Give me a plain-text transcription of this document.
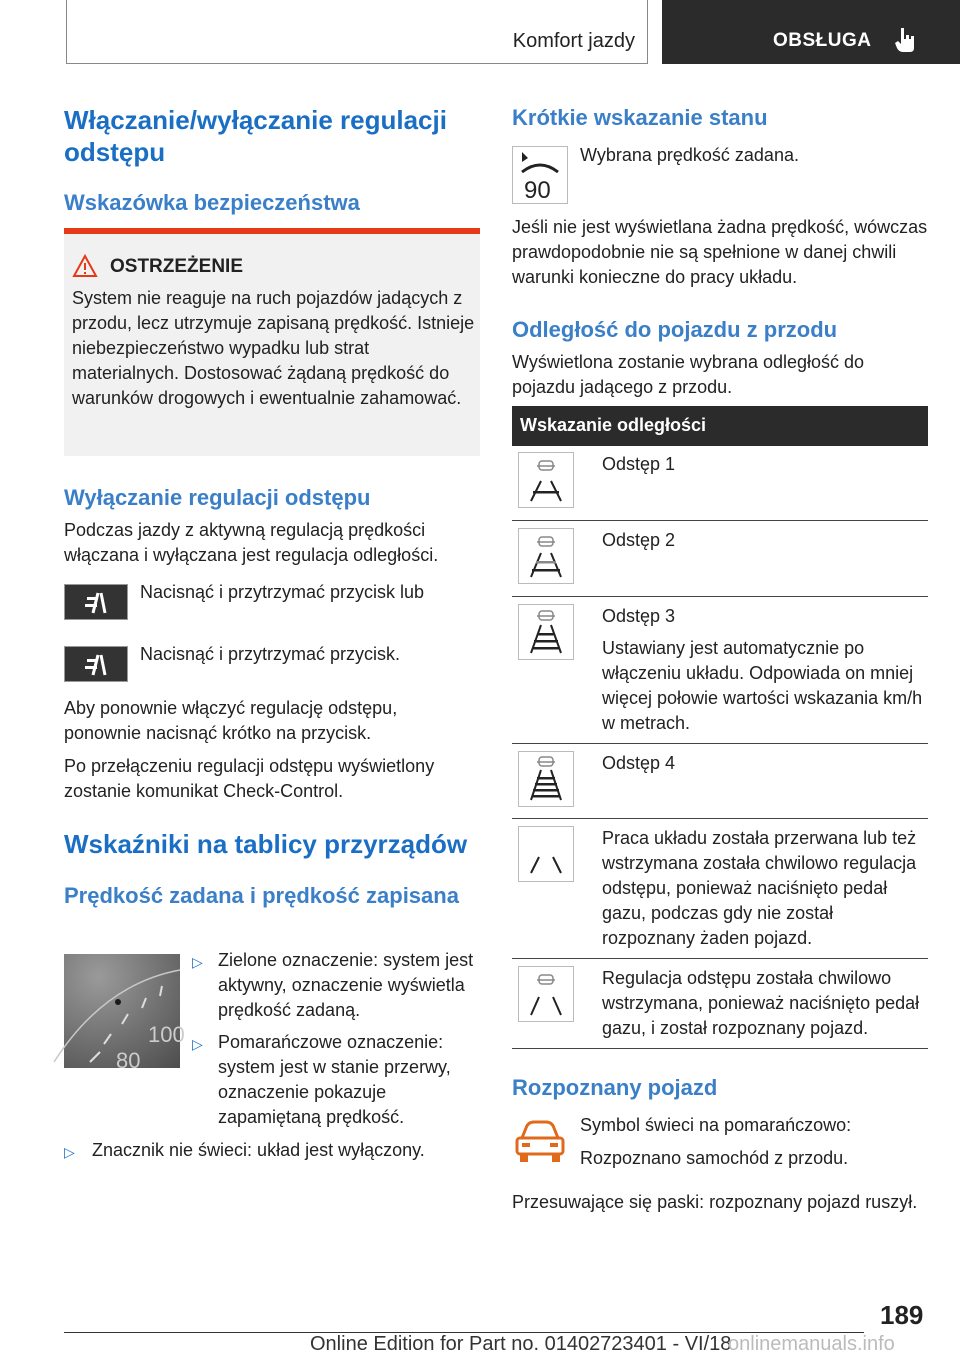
Komfort jazdy	OBSŁUGA
Włączanie/wyłączanie regulacji odstępu
Wskazówka bezpieczeństwa
OSTRZEŻENIE
System nie reaguje na ruch pojazdów jadących z przodu, lecz utrzymuje zapisaną prędkość. Istnieje niebezpieczeństwo wypadku lub strat materialnych. Dostosować żądaną prędkość do warunków drogowych i ewentualnie zahamować.
Wyłączanie regulacji odstępu
Podczas jazdy z aktywną regulacją prędkości włączana i wyłączana jest regulacja odległości.
Nacisnąć i przytrzymać przycisk lub
Nacisnąć i przytrzymać przycisk.
Aby ponownie włączyć regulację odstępu, ponownie nacisnąć krótko na przycisk.
Po przełączeniu regulacji odstępu wyświetlony zostanie komunikat Check-Control.
Wskaźniki na tablicy przyrządów
Prędkość zadana i prędkość zapisana
100
80
▷ Zielone oznaczenie: system jest aktywny, oznaczenie wyświetla prędkość zadaną.
▷ Pomarańczowe oznaczenie: system jest w stanie przerwy, oznaczenie pokazuje zapamiętaną prędkość.
▷ Znacznik nie świeci: układ jest wyłączony.
Krótkie wskazanie stanu
90
Wybrana prędkość zadana.
Jeśli nie jest wyświetlana żadna prędkość, wówczas prawdopodobnie nie są spełnione w danej chwili warunki konieczne do pracy układu.
Odległość do pojazdu z przodu
Wyświetlona zostanie wybrana odległość do pojazdu jadącego z przodu.
Wskazanie odległości
Odstęp 1
Odstęp 2
Odstęp 3
Ustawiany jest automatycznie po włączeniu układu. Odpowiada on mniej więcej połowie wartości wskazania km/h w metrach.
Odstęp 4
Praca układu została przerwana lub też wstrzymana została chwilowo regulacja odstępu, ponieważ naciśnięto pedał gazu, podczas gdy nie został rozpoznany żaden pojazd.
Regulacja odstępu została chwilowo wstrzymana, ponieważ naciśnięto pedał gazu, i został rozpoznany pojazd.
Rozpoznany pojazd
Symbol świeci na pomarańczowo:
Rozpoznano samochód z przodu.
Przesuwające się paski: rozpoznany pojazd ruszył.
189
Online Edition for Part no. 01402723401 - VI/18
onlinemanuals.info
